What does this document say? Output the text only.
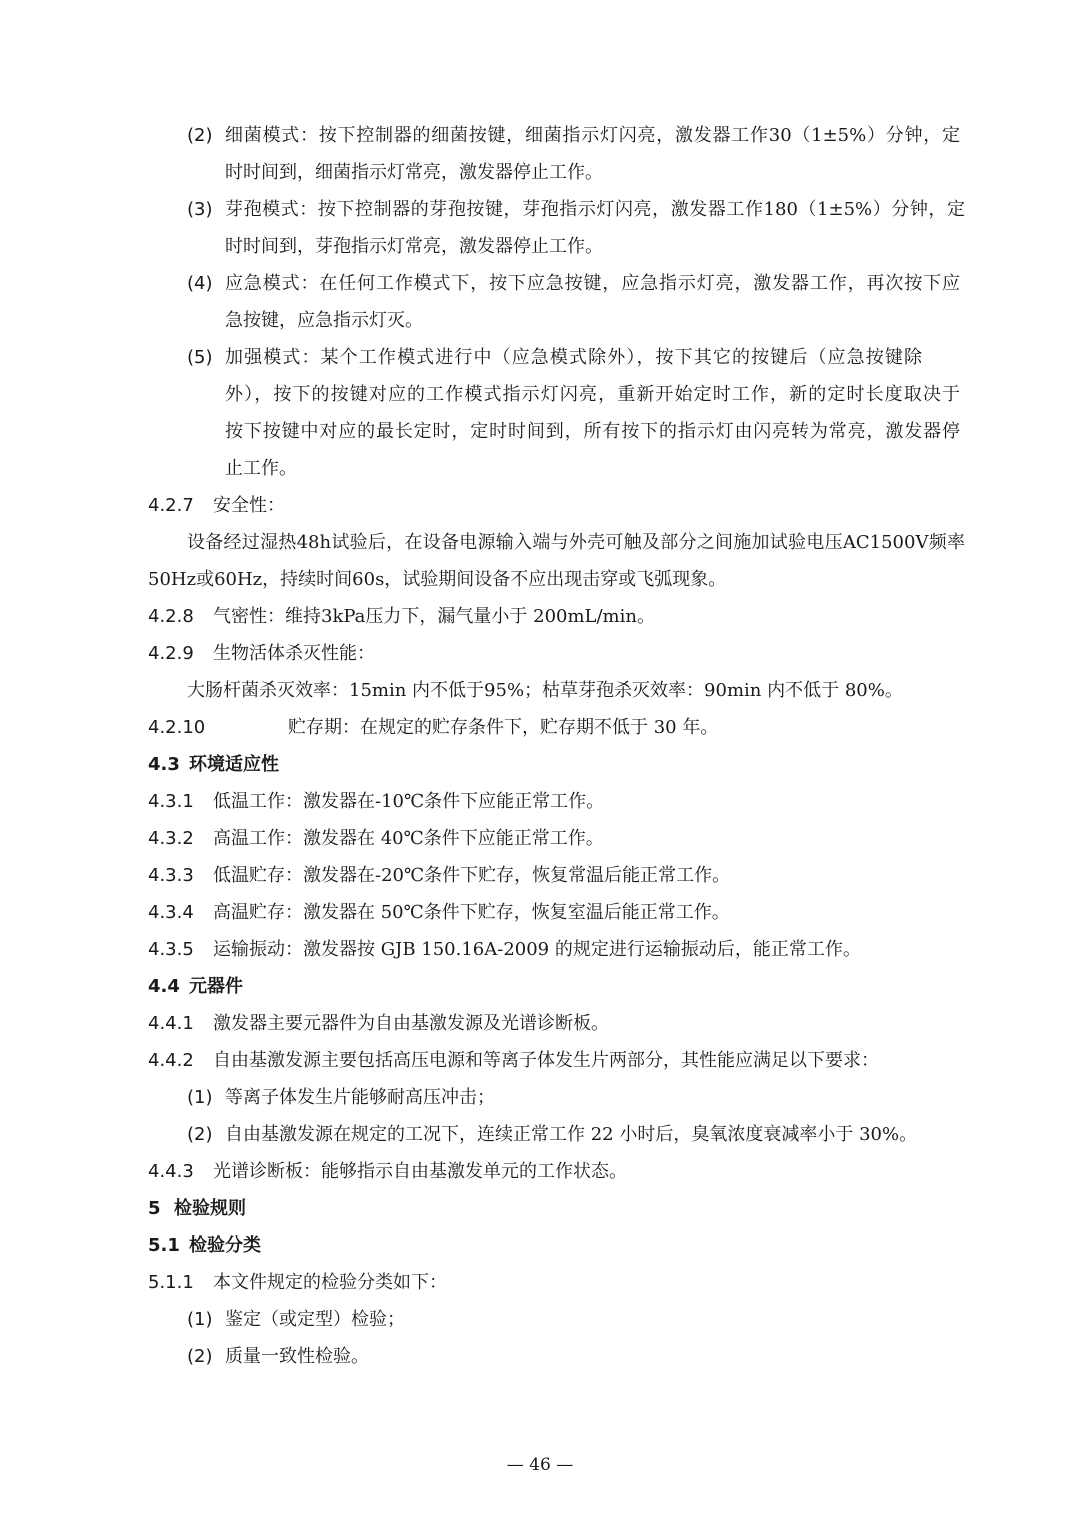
(2) 细菌模式：按下控制器的细菌按键，细菌指示灯闪亮，激发器工作30（1±5%）分钟，定
时时间到，细菌指示灯常亮，激发器停止工作。
(3) 芽孢模式：按下控制器的芽孢按键，芽孢指示灯闪亮，激发器工作180（1±5%）分钟，定
时时间到，芽孢指示灯常亮，激发器停止工作。
(4) 应急模式：在任何工作模式下，按下应急按键，应急指示灯亮，激发器工作，再次按下应
急按键，应急指示灯灭。
(5) 加强模式：某个工作模式进行中（应急模式除外），按下其它的按键后（应急按键除
外），按下的按键对应的工作模式指示灯闪亮，重新开始定时工作，新的定时长度取决于
按下按键中对应的最长定时，定时时间到，所有按下的指示灯由闪亮转为常亮，激发器停
止工作。
4.2.7 安全性：
设备经过湿热48h试验后，在设备电源输入端与外壳可触及部分之间施加试验电压AC1500V频率
50Hz或60Hz，持续时间60s，试验期间设备不应出现击穿或飞弧现象。
4.2.8 气密性：维持3kPa压力下，漏气量小于 200mL/min。
4.2.9 生物活体杀灭性能：
大肠杆菌杀灭效率：15min 内不低于95%；枯草芽孢杀灭效率：90min 内不低于 80%。
4.2.10	贮存期：在规定的贮存条件下，贮存期不低于 30 年。
4.3 环境适应性
4.3.1 低温工作：激发器在-10℃条件下应能正常工作。
4.3.2 高温工作：激发器在 40℃条件下应能正常工作。
4.3.3 低温贮存：激发器在-20℃条件下贮存，恢复常温后能正常工作。
4.3.4 高温贮存：激发器在 50℃条件下贮存，恢复室温后能正常工作。
4.3.5 运输振动：激发器按 GJB 150.16A-2009 的规定进行运输振动后，能正常工作。
4.4 元器件
4.4.1 激发器主要元器件为自由基激发源及光谱诊断板。
4.4.2 自由基激发源主要包括高压电源和等离子体发生片两部分，其性能应满足以下要求：
(1) 等离子体发生片能够耐高压冲击；
(2) 自由基激发源在规定的工况下，连续正常工作 22 小时后，臭氧浓度衰减率小于 30%。
4.4.3 光谱诊断板：能够指示自由基激发单元的工作状态。
5 检验规则
5.1 检验分类
5.1.1 本文件规定的检验分类如下：
(1) 鉴定（或定型）检验；
(2) 质量一致性检验。
— 46 —
